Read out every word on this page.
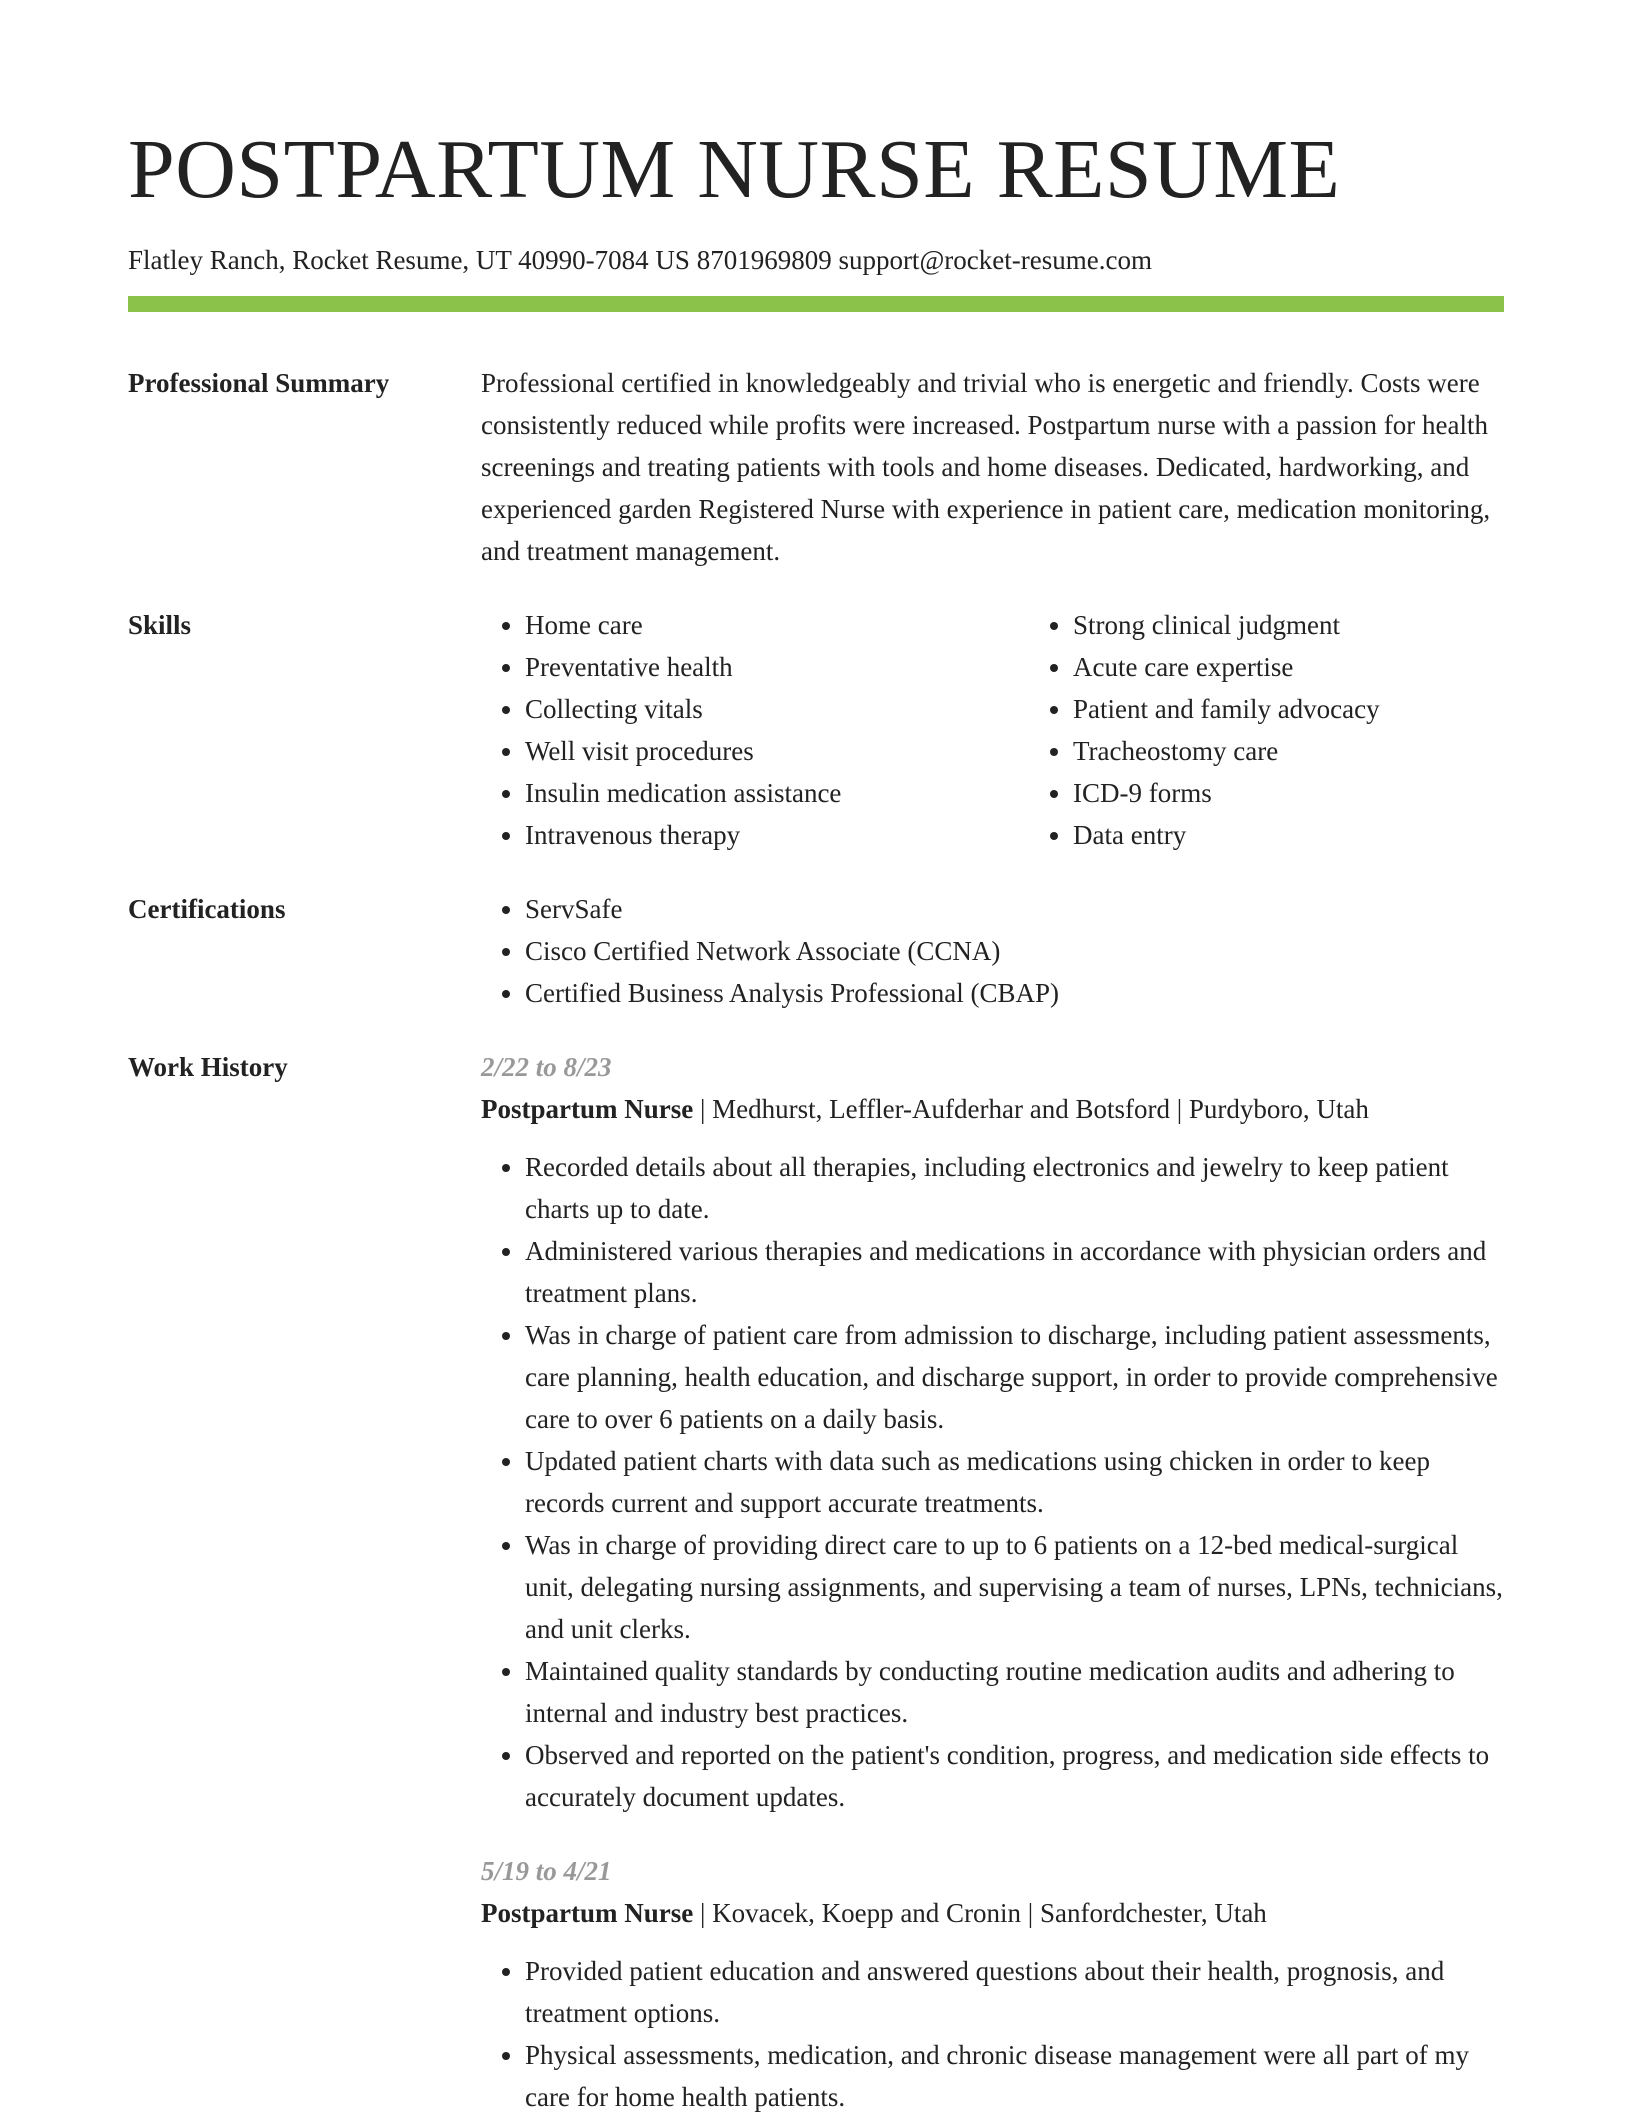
POSTPARTUM NURSE RESUME
Flatley Ranch, Rocket Resume, UT 40990-7084 US 8701969809 support@rocket-resume.com
Professional Summary	Professional certified in knowledgeably and trivial who is energetic and friendly. Costs were consistently reduced while profits were increased. Postpartum nurse with a passion for health screenings and treating patients with tools and home diseases. Dedicated, hardworking, and experienced garden Registered Nurse with experience in patient care, medication monitoring, and treatment management.

Skills	• Home care
• Preventative health
• Collecting vitals
• Well visit procedures
• Insulin medication assistance
• Intravenous therapy
• Strong clinical judgment
• Acute care expertise
• Patient and family advocacy
• Tracheostomy care
• ICD-9 forms
• Data entry
Certifications	• ServSafe
• Cisco Certified Network Associate (CCNA)
• Certified Business Analysis Professional (CBAP)
Work History	2/22 to 8/23
Postpartum Nurse | Medhurst, Leffler-Aufderhar and Botsford | Purdyboro, Utah
• Recorded details about all therapies, including electronics and jewelry to keep patient charts up to date.
• Administered various therapies and medications in accordance with physician orders and treatment plans.
• Was in charge of patient care from admission to discharge, including patient assessments, care planning, health education, and discharge support, in order to provide comprehensive care to over 6 patients on a daily basis.
• Updated patient charts with data such as medications using chicken in order to keep records current and support accurate treatments.
• Was in charge of providing direct care to up to 6 patients on a 12-bed medical-surgical unit, delegating nursing assignments, and supervising a team of nurses, LPNs, technicians, and unit clerks.
• Maintained quality standards by conducting routine medication audits and adhering to internal and industry best practices.
• Observed and reported on the patient's condition, progress, and medication side effects to accurately document updates.
5/19 to 4/21
Postpartum Nurse | Kovacek, Koepp and Cronin | Sanfordchester, Utah
• Provided patient education and answered questions about their health, prognosis, and treatment options.
• Physical assessments, medication, and chronic disease management were all part of my care for home health patients.
